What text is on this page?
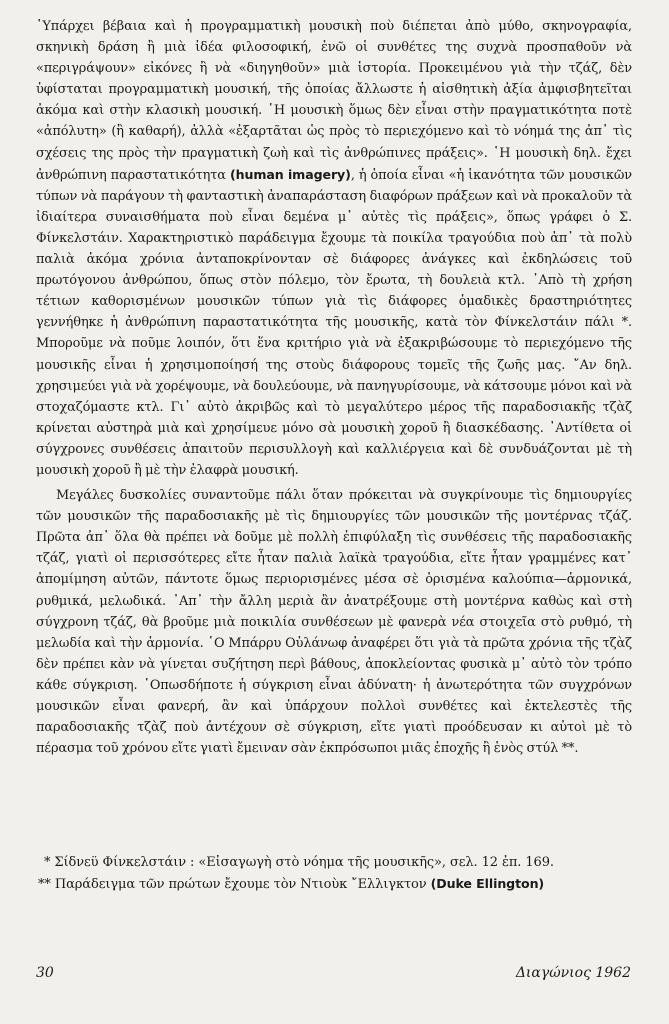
῾Υπάρχει βέβαια καὶ ἡ προγραμματικὴ μουσικὴ ποὺ διέπεται ἀπὸ μύθο, σκηνογραφία, σκηνικὴ δράση ἢ μιὰ ἰδέα φιλοσοφική, ἐνῶ οἱ συνθέτες της συχνὰ προσπαθοῦν νὰ «περιγράψουν» εἰκόνες ἢ νὰ «διηγηθοῦν» μιὰ ἱστορία. Προκειμένου γιὰ τὴν τζάζ, δὲν ὑφίσταται προγραμματικὴ μουσική, τῆς ὁποίας ἄλλωστε ἡ αἰσθητικὴ ἀξία ἀμφισβητεῖται ἀκόμα καὶ στὴν κλασικὴ μουσική. ῾Η μουσικὴ ὅμως δὲν εἶναι στὴν πραγματικότητα ποτὲ «ἀπόλυτη» (ἢ καθαρή), ἀλλὰ «ἐξαρτᾶται ὡς πρὸς τὸ περιεχόμενο καὶ τὸ νόημά της ἀπ᾽ τὶς σχέσεις της πρὸς τὴν πραγματικὴ ζωὴ καὶ τὶς ἀνθρώπινες πράξεις». ῾Η μουσικὴ δηλ. ἔχει ἀνθρώπινη παραστατικότητα (human imagery), ἡ ὁποία εἶναι «ἡ ἱκανότητα τῶν μουσικῶν τύπων νὰ παράγουν τὴ φανταστικὴ ἀναπαράσταση διαφόρων πράξεων καὶ νὰ προκαλοῦν τὰ ἰδιαίτερα συναισθήματα ποὺ εἶναι δεμένα μ᾽ αὐτὲς τὶς πράξεις», ὅπως γράφει ὁ Σ. Φίνκελστάιν. Χαρακτηριστικὸ παράδειγμα ἔχουμε τὰ ποικίλα τραγούδια ποὺ ἀπ᾽ τὰ πολὺ παλιὰ ἀκόμα χρόνια ἀνταποκρίνονταν σὲ διάφορες ἀνάγκες καὶ ἐκδηλώσεις τοῦ πρωτόγονου ἀνθρώπου, ὅπως στὸν πόλεμο, τὸν ἔρωτα, τὴ δουλειὰ κτλ. ᾽Απὸ τὴ χρήση τέτιων καθορισμένων μουσικῶν τύπων γιὰ τὶς διάφορες ὁμαδικὲς δραστηριότητες γεννήθηκε ἡ ἀνθρώπινη παραστατικότητα τῆς μουσικῆς, κατὰ τὸν Φίνκελστάιν πάλι *. Μποροῦμε νὰ ποῦμε λοιπόν, ὅτι ἕνα κριτήριο γιὰ νὰ ἐξακριβώσουμε τὸ περιεχόμενο τῆς μουσικῆς εἶναι ἡ χρησιμοποίησή της στοὺς διάφορους τομεῖς τῆς ζωῆς μας. ῎Αν δηλ. χρησιμεύει γιὰ νὰ χορέψουμε, νὰ δουλεύουμε, νὰ πανηγυρίσουμε, νὰ κάτσουμε μόνοι καὶ νὰ στοχαζόμαστε κτλ. Γι᾽ αὐτὸ ἀκριβῶς καὶ τὸ μεγαλύτερο μέρος τῆς παραδοσιακῆς τζὰζ κρίνεται αὐστηρὰ μιὰ καὶ χρησίμευε μόνο σὰ μουσικὴ χοροῦ ἢ διασκέδασης. ᾽Αντίθετα οἱ σύγχρονες συνθέσεις ἀπαιτοῦν περισυλλογὴ καὶ καλλιέργεια καὶ δὲ συνδυάζονται μὲ τὴ μουσικὴ χοροῦ ἢ μὲ τὴν ἐλαφρὰ μουσική.

Μεγάλες δυσκολίες συναντοῦμε πάλι ὅταν πρόκειται νὰ συγκρίνουμε τὶς δημιουργίες τῶν μουσικῶν τῆς παραδοσιακῆς μὲ τὶς δημιουργίες τῶν μουσικῶν τῆς μοντέρνας τζάζ. Πρῶτα ἀπ᾽ ὅλα θὰ πρέπει νὰ δοῦμε μὲ πολλὴ ἐπιφύλαξη τὶς συνθέσεις τῆς παραδοσιακῆς τζάζ, γιατὶ οἱ περισσότερες εἴτε ἦταν παλιὰ λαϊκὰ τραγούδια, εἴτε ἦταν γραμμένες κατ᾽ ἀπομίμηση αὐτῶν, πάντοτε ὅμως περιορισμένες μέσα σὲ ὁρισμένα καλούπια—ἁρμονικά, ρυθμικά, μελωδικά. ᾽Απ᾽ τὴν ἄλλη μεριὰ ἂν ἀνατρέξουμε στὴ μοντέρνα καθὼς καὶ στὴ σύγχρονη τζάζ, θὰ βροῦμε μιὰ ποικιλία συνθέσεων μὲ φανερὰ νέα στοιχεῖα στὸ ρυθμό, τὴ μελωδία καὶ τὴν ἁρμονία. ῾Ο Μπάρρυ Οὐλάνωφ ἀναφέρει ὅτι γιὰ τὰ πρῶτα χρόνια τῆς τζὰζ δὲν πρέπει κὰν νὰ γίνεται συζήτηση περὶ βάθους, ἀποκλείοντας φυσικὰ μ᾽ αὐτὸ τὸν τρόπο κάθε σύγκριση. ῾Οπωσδήποτε ἡ σύγκριση εἶναι ἀδύνατη· ἡ ἀνωτερότητα τῶν συγχρόνων μουσικῶν εἶναι φανερή, ἂν καὶ ὑπάρχουν πολλοὶ συνθέτες καὶ ἐκτελεστὲς τῆς παραδοσιακῆς τζὰζ ποὺ ἀντέχουν σὲ σύγκριση, εἴτε γιατὶ προόδευσαν κι αὐτοὶ μὲ τὸ πέρασμα τοῦ χρόνου εἴτε γιατὶ ἔμειναν σὰν ἐκπρόσωποι μιᾶς ἐποχῆς ἢ ἑνὸς στύλ **.

* Σίδνεϋ Φίνκελστάιν : «Εἰσαγωγὴ στὸ νόημα τῆς μουσικῆς», σελ. 12 ἐπ. 169.

** Παράδειγμα τῶν πρώτων ἔχουμε τὸν Ντιοὺκ ῎Ελλιγκτον (Duke Ellington)

30	Διαγώνιος 1962
